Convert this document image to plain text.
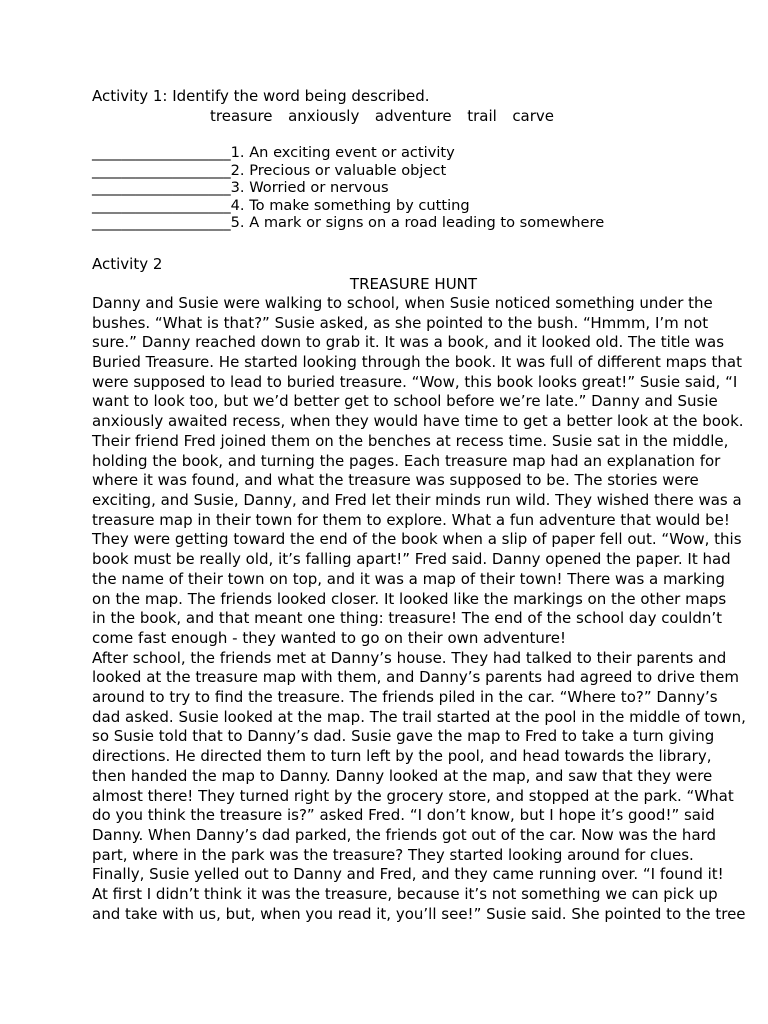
Activity 1: Identify the word being described.
treasure  anxiously  adventure  trail  carve
___________________1. An exciting event or activity
___________________2. Precious or valuable object
___________________3. Worried or nervous
___________________4. To make something by cutting
___________________5. A mark or signs on a road leading to somewhere
Activity 2
TREASURE HUNT

Danny and Susie were walking to school, when Susie noticed something under the

bushes. “What is that?” Susie asked, as she pointed to the bush. “Hmmm, I’m not

sure.” Danny reached down to grab it. It was a book, and it looked old. The title was

Buried Treasure. He started looking through the book. It was full of different maps that

were supposed to lead to buried treasure. “Wow, this book looks great!” Susie said, “I

want to look too, but we’d better get to school before we’re late.” Danny and Susie

anxiously awaited recess, when they would have time to get a better look at the book.

Their friend Fred joined them on the benches at recess time. Susie sat in the middle,

holding the book, and turning the pages. Each treasure map had an explanation for

where it was found, and what the treasure was supposed to be. The stories were

exciting, and Susie, Danny, and Fred let their minds run wild. They wished there was a

treasure map in their town for them to explore. What a fun adventure that would be!

They were getting toward the end of the book when a slip of paper fell out. “Wow, this

book must be really old, it’s falling apart!” Fred said. Danny opened the paper. It had

the name of their town on top, and it was a map of their town! There was a marking

on the map. The friends looked closer. It looked like the markings on the other maps

in the book, and that meant one thing: treasure! The end of the school day couldn’t

come fast enough - they wanted to go on their own adventure!

After school, the friends met at Danny’s house. They had talked to their parents and

looked at the treasure map with them, and Danny’s parents had agreed to drive them

around to try to find the treasure. The friends piled in the car. “Where to?” Danny’s

dad asked. Susie looked at the map. The trail started at the pool in the middle of town,

so Susie told that to Danny’s dad. Susie gave the map to Fred to take a turn giving

directions. He directed them to turn left by the pool, and head towards the library,

then handed the map to Danny. Danny looked at the map, and saw that they were

almost there! They turned right by the grocery store, and stopped at the park. “What

do you think the treasure is?” asked Fred. “I don’t know, but I hope it’s good!” said

Danny. When Danny’s dad parked, the friends got out of the car. Now was the hard

part, where in the park was the treasure? They started looking around for clues.

Finally, Susie yelled out to Danny and Fred, and they came running over. “I found it!

At first I didn’t think it was the treasure, because it’s not something we can pick up

and take with us, but, when you read it, you’ll see!” Susie said. She pointed to the tree
